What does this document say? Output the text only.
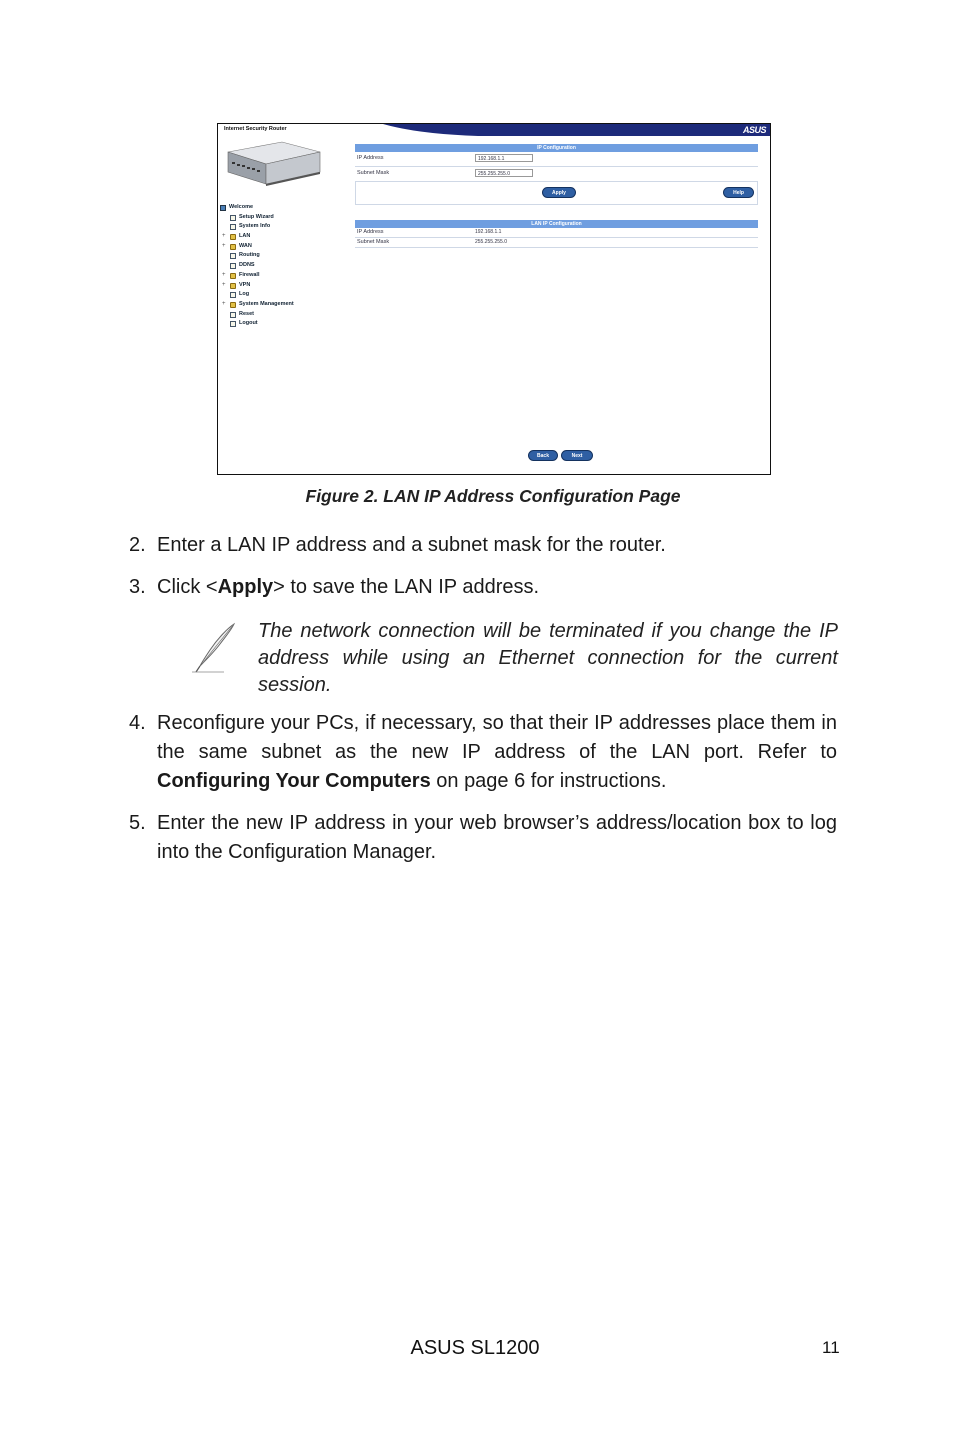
Internet Security Router	ASUS
Welcome
Setup Wizard
System Info
+ LAN
+ WAN
Routing
DDNS
+ Firewall
+ VPN
Log
+ System Management
Reset
Logout
IP Configuration
IP Address	192.168.1.1
Subnet Mask	255.255.255.0
Apply	Help
LAN IP Configuration
IP Address	192.168.1.1
Subnet Mask	255.255.255.0
Back	Next
Figure 2. LAN IP Address Configuration Page
2. Enter a LAN IP address and a subnet mask for the router.
3. Click <Apply> to save the LAN IP address.
The network connection will be terminated if you change the IP address while using an Ethernet connection for the current session.
4. Reconfigure your PCs, if necessary, so that their IP addresses place them in the same subnet as the new IP address of the LAN port. Refer to Configuring Your Computers on page 6 for instructions.
5. Enter the new IP address in your web browser’s address/location box to log into the Configuration Manager.
ASUS SL1200	11
